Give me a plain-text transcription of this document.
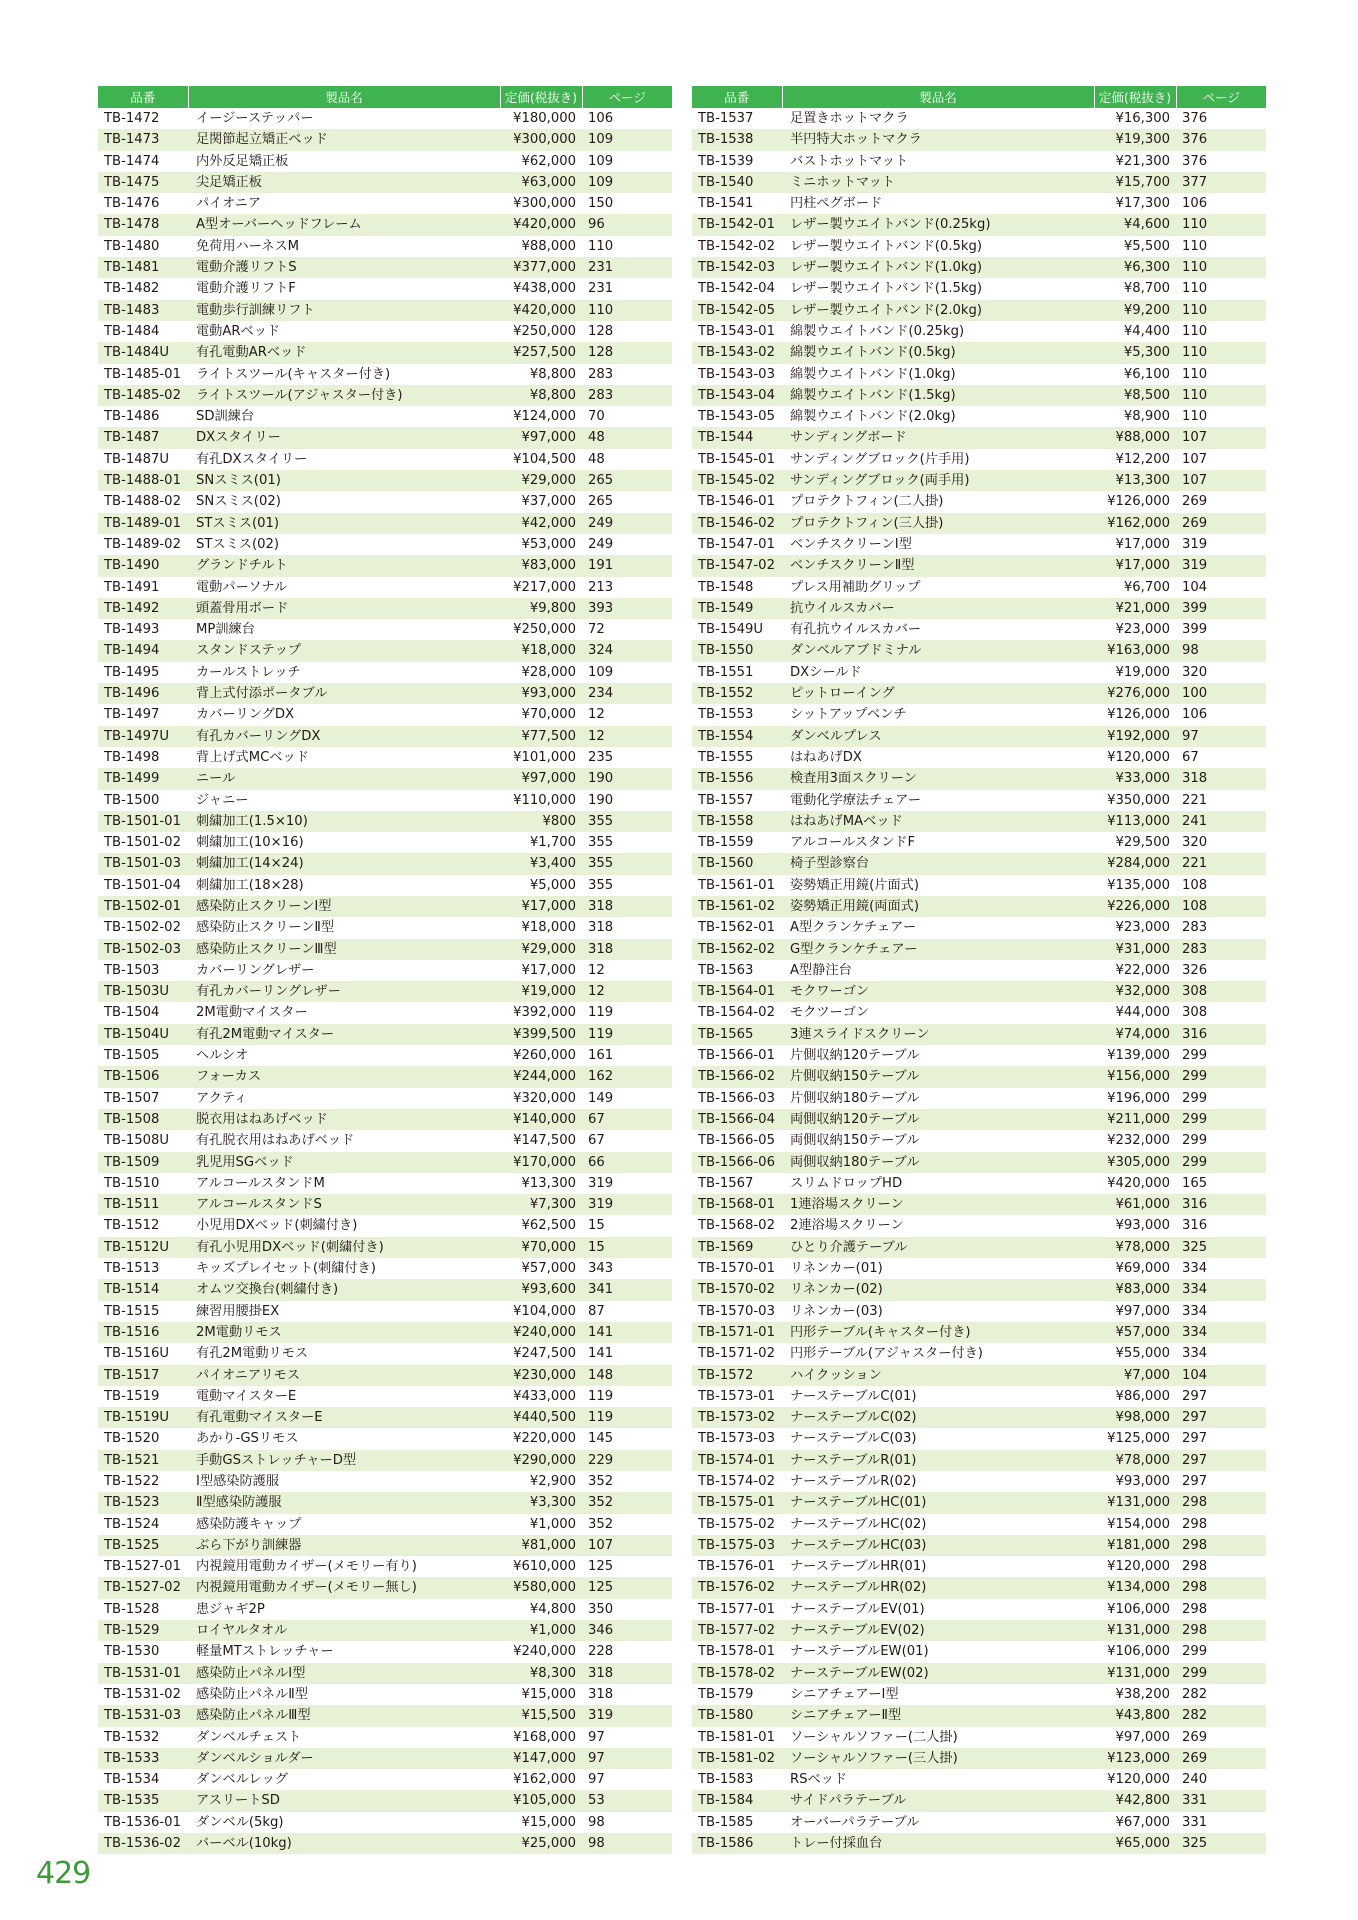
品番	製品名	定価(税抜き)	ページ
TB-1472	イージーステッパー	¥180,000	106
TB-1473	足関節起立矯正ベッド	¥300,000	109
TB-1474	内外反足矯正板	¥62,000	109
TB-1475	尖足矯正板	¥63,000	109
TB-1476	パイオニア	¥300,000	150
TB-1478	A型オーバーヘッドフレーム	¥420,000	96
TB-1480	免荷用ハーネスM	¥88,000	110
TB-1481	電動介護リフトS	¥377,000	231
TB-1482	電動介護リフトF	¥438,000	231
TB-1483	電動歩行訓練リフト	¥420,000	110
TB-1484	電動ARベッド	¥250,000	128
TB-1484U	有孔電動ARベッド	¥257,500	128
TB-1485-01	ライトスツール(キャスター付き)	¥8,800	283
TB-1485-02	ライトスツール(アジャスター付き)	¥8,800	283
TB-1486	SD訓練台	¥124,000	70
TB-1487	DXスタイリー	¥97,000	48
TB-1487U	有孔DXスタイリー	¥104,500	48
TB-1488-01	SNスミス(01)	¥29,000	265
TB-1488-02	SNスミス(02)	¥37,000	265
TB-1489-01	STスミス(01)	¥42,000	249
TB-1489-02	STスミス(02)	¥53,000	249
TB-1490	グランドチルト	¥83,000	191
TB-1491	電動パーソナル	¥217,000	213
TB-1492	頭蓋骨用ボード	¥9,800	393
TB-1493	MP訓練台	¥250,000	72
TB-1494	スタンドステップ	¥18,000	324
TB-1495	カールストレッチ	¥28,000	109
TB-1496	背上式付添ポータブル	¥93,000	234
TB-1497	カバーリングDX	¥70,000	12
TB-1497U	有孔カバーリングDX	¥77,500	12
TB-1498	背上げ式MCベッド	¥101,000	235
TB-1499	ニール	¥97,000	190
TB-1500	ジャニー	¥110,000	190
TB-1501-01	刺繍加工(1.5×10)	¥800	355
TB-1501-02	刺繍加工(10×16)	¥1,700	355
TB-1501-03	刺繍加工(14×24)	¥3,400	355
TB-1501-04	刺繍加工(18×28)	¥5,000	355
TB-1502-01	感染防止スクリーンⅠ型	¥17,000	318
TB-1502-02	感染防止スクリーンⅡ型	¥18,000	318
TB-1502-03	感染防止スクリーンⅢ型	¥29,000	318
TB-1503	カバーリングレザー	¥17,000	12
TB-1503U	有孔カバーリングレザー	¥19,000	12
TB-1504	2M電動マイスター	¥392,000	119
TB-1504U	有孔2M電動マイスター	¥399,500	119
TB-1505	ヘルシオ	¥260,000	161
TB-1506	フォーカス	¥244,000	162
TB-1507	アクティ	¥320,000	149
TB-1508	脱衣用はねあげベッド	¥140,000	67
TB-1508U	有孔脱衣用はねあげベッド	¥147,500	67
TB-1509	乳児用SGベッド	¥170,000	66
TB-1510	アルコールスタンドM	¥13,300	319
TB-1511	アルコールスタンドS	¥7,300	319
TB-1512	小児用DXベッド(刺繍付き)	¥62,500	15
TB-1512U	有孔小児用DXベッド(刺繍付き)	¥70,000	15
TB-1513	キッズプレイセット(刺繍付き)	¥57,000	343
TB-1514	オムツ交換台(刺繍付き)	¥93,600	341
TB-1515	練習用腰掛EX	¥104,000	87
TB-1516	2M電動リモス	¥240,000	141
TB-1516U	有孔2M電動リモス	¥247,500	141
TB-1517	パイオニアリモス	¥230,000	148
TB-1519	電動マイスターE	¥433,000	119
TB-1519U	有孔電動マイスターE	¥440,500	119
TB-1520	あかり-GSリモス	¥220,000	145
TB-1521	手動GSストレッチャーD型	¥290,000	229
TB-1522	Ⅰ型感染防護服	¥2,900	352
TB-1523	Ⅱ型感染防護服	¥3,300	352
TB-1524	感染防護キャップ	¥1,000	352
TB-1525	ぶら下がり訓練器	¥81,000	107
TB-1527-01	内視鏡用電動カイザー(メモリー有り)	¥610,000	125
TB-1527-02	内視鏡用電動カイザー(メモリー無し)	¥580,000	125
TB-1528	患ジャギ2P	¥4,800	350
TB-1529	ロイヤルタオル	¥1,000	346
TB-1530	軽量MTストレッチャー	¥240,000	228
TB-1531-01	感染防止パネルⅠ型	¥8,300	318
TB-1531-02	感染防止パネルⅡ型	¥15,000	318
TB-1531-03	感染防止パネルⅢ型	¥15,500	319
TB-1532	ダンベルチェスト	¥168,000	97
TB-1533	ダンベルショルダー	¥147,000	97
TB-1534	ダンベルレッグ	¥162,000	97
TB-1535	アスリートSD	¥105,000	53
TB-1536-01	ダンベル(5kg)	¥15,000	98
TB-1536-02	バーベル(10kg)	¥25,000	98
品番	製品名	定価(税抜き)	ページ
TB-1537	足置きホットマクラ	¥16,300	376
TB-1538	半円特大ホットマクラ	¥19,300	376
TB-1539	バストホットマット	¥21,300	376
TB-1540	ミニホットマット	¥15,700	377
TB-1541	円柱ペグボード	¥17,300	106
TB-1542-01	レザー製ウエイトバンド(0.25kg)	¥4,600	110
TB-1542-02	レザー製ウエイトバンド(0.5kg)	¥5,500	110
TB-1542-03	レザー製ウエイトバンド(1.0kg)	¥6,300	110
TB-1542-04	レザー製ウエイトバンド(1.5kg)	¥8,700	110
TB-1542-05	レザー製ウエイトバンド(2.0kg)	¥9,200	110
TB-1543-01	綿製ウエイトバンド(0.25kg)	¥4,400	110
TB-1543-02	綿製ウエイトバンド(0.5kg)	¥5,300	110
TB-1543-03	綿製ウエイトバンド(1.0kg)	¥6,100	110
TB-1543-04	綿製ウエイトバンド(1.5kg)	¥8,500	110
TB-1543-05	綿製ウエイトバンド(2.0kg)	¥8,900	110
TB-1544	サンディングボード	¥88,000	107
TB-1545-01	サンディングブロック(片手用)	¥12,200	107
TB-1545-02	サンディングブロック(両手用)	¥13,300	107
TB-1546-01	プロテクトフィン(二人掛)	¥126,000	269
TB-1546-02	プロテクトフィン(三人掛)	¥162,000	269
TB-1547-01	ベンチスクリーンⅠ型	¥17,000	319
TB-1547-02	ベンチスクリーンⅡ型	¥17,000	319
TB-1548	プレス用補助グリップ	¥6,700	104
TB-1549	抗ウイルスカバー	¥21,000	399
TB-1549U	有孔抗ウイルスカバー	¥23,000	399
TB-1550	ダンベルアブドミナル	¥163,000	98
TB-1551	DXシールド	¥19,000	320
TB-1552	ピットローイング	¥276,000	100
TB-1553	シットアップベンチ	¥126,000	106
TB-1554	ダンベルプレス	¥192,000	97
TB-1555	はねあげDX	¥120,000	67
TB-1556	検査用3面スクリーン	¥33,000	318
TB-1557	電動化学療法チェアー	¥350,000	221
TB-1558	はねあげMAベッド	¥113,000	241
TB-1559	アルコールスタンドF	¥29,500	320
TB-1560	椅子型診察台	¥284,000	221
TB-1561-01	姿勢矯正用鏡(片面式)	¥135,000	108
TB-1561-02	姿勢矯正用鏡(両面式)	¥226,000	108
TB-1562-01	A型クランケチェアー	¥23,000	283
TB-1562-02	G型クランケチェアー	¥31,000	283
TB-1563	A型静注台	¥22,000	326
TB-1564-01	モクワーゴン	¥32,000	308
TB-1564-02	モクツーゴン	¥44,000	308
TB-1565	3連スライドスクリーン	¥74,000	316
TB-1566-01	片側収納120テーブル	¥139,000	299
TB-1566-02	片側収納150テーブル	¥156,000	299
TB-1566-03	片側収納180テーブル	¥196,000	299
TB-1566-04	両側収納120テーブル	¥211,000	299
TB-1566-05	両側収納150テーブル	¥232,000	299
TB-1566-06	両側収納180テーブル	¥305,000	299
TB-1567	スリムドロップHD	¥420,000	165
TB-1568-01	1連浴場スクリーン	¥61,000	316
TB-1568-02	2連浴場スクリーン	¥93,000	316
TB-1569	ひとり介護テーブル	¥78,000	325
TB-1570-01	リネンカー(01)	¥69,000	334
TB-1570-02	リネンカー(02)	¥83,000	334
TB-1570-03	リネンカー(03)	¥97,000	334
TB-1571-01	円形テーブル(キャスター付き)	¥57,000	334
TB-1571-02	円形テーブル(アジャスター付き)	¥55,000	334
TB-1572	ハイクッション	¥7,000	104
TB-1573-01	ナーステーブルC(01)	¥86,000	297
TB-1573-02	ナーステーブルC(02)	¥98,000	297
TB-1573-03	ナーステーブルC(03)	¥125,000	297
TB-1574-01	ナーステーブルR(01)	¥78,000	297
TB-1574-02	ナーステーブルR(02)	¥93,000	297
TB-1575-01	ナーステーブルHC(01)	¥131,000	298
TB-1575-02	ナーステーブルHC(02)	¥154,000	298
TB-1575-03	ナーステーブルHC(03)	¥181,000	298
TB-1576-01	ナーステーブルHR(01)	¥120,000	298
TB-1576-02	ナーステーブルHR(02)	¥134,000	298
TB-1577-01	ナーステーブルEV(01)	¥106,000	298
TB-1577-02	ナーステーブルEV(02)	¥131,000	298
TB-1578-01	ナーステーブルEW(01)	¥106,000	299
TB-1578-02	ナーステーブルEW(02)	¥131,000	299
TB-1579	シニアチェアーⅠ型	¥38,200	282
TB-1580	シニアチェアーⅡ型	¥43,800	282
TB-1581-01	ソーシャルソファー(二人掛)	¥97,000	269
TB-1581-02	ソーシャルソファー(三人掛)	¥123,000	269
TB-1583	RSベッド	¥120,000	240
TB-1584	サイドパラテーブル	¥42,800	331
TB-1585	オーバーパラテーブル	¥67,000	331
TB-1586	トレー付採血台	¥65,000	325
429
